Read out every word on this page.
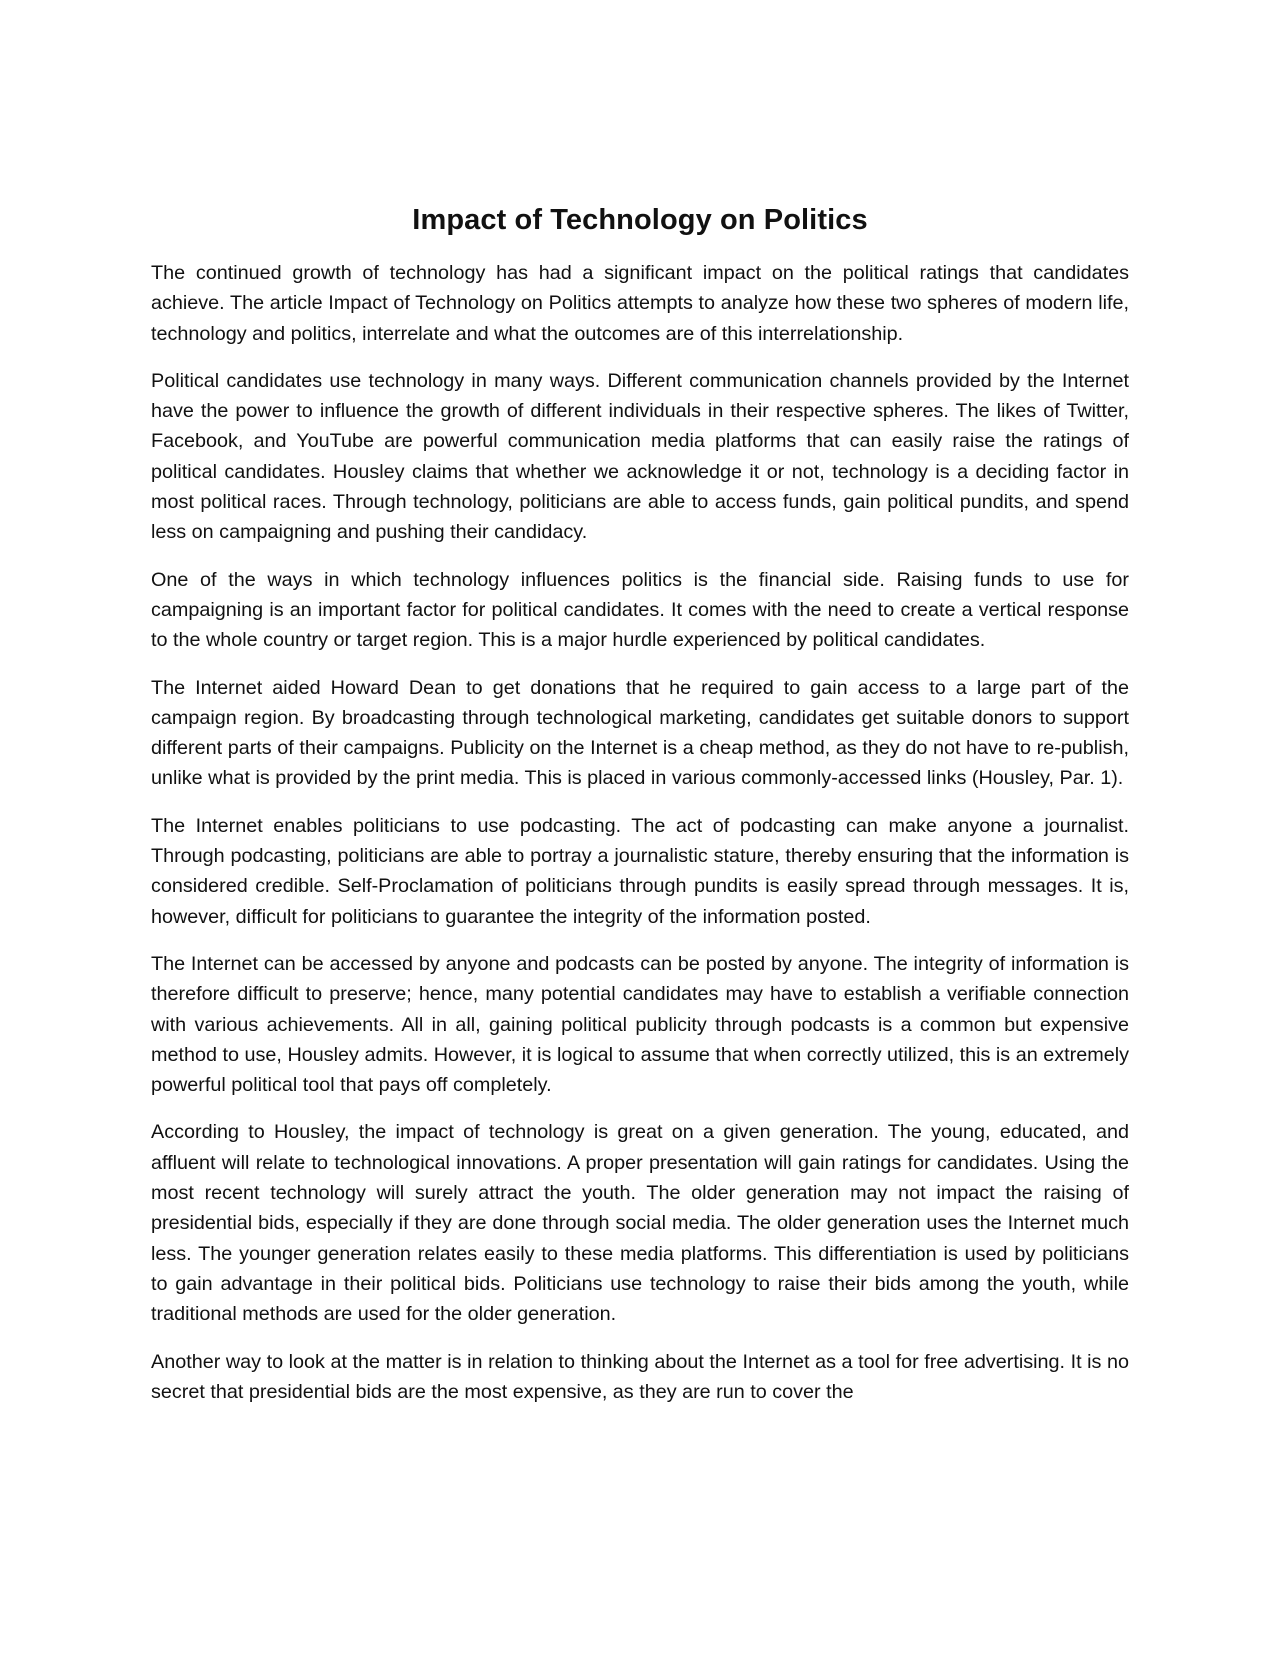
Impact of Technology on Politics

The continued growth of technology has had a significant impact on the political ratings that candidates achieve. The article Impact of Technology on Politics attempts to analyze how these two spheres of modern life, technology and politics, interrelate and what the outcomes are of this interrelationship.

Political candidates use technology in many ways. Different communication channels provided by the Internet have the power to influence the growth of different individuals in their respective spheres. The likes of Twitter, Facebook, and YouTube are powerful communication media platforms that can easily raise the ratings of political candidates. Housley claims that whether we acknowledge it or not, technology is a deciding factor in most political races. Through technology, politicians are able to access funds, gain political pundits, and spend less on campaigning and pushing their candidacy.

One of the ways in which technology influences politics is the financial side. Raising funds to use for campaigning is an important factor for political candidates. It comes with the need to create a vertical response to the whole country or target region. This is a major hurdle experienced by political candidates.

The Internet aided Howard Dean to get donations that he required to gain access to a large part of the campaign region. By broadcasting through technological marketing, candidates get suitable donors to support different parts of their campaigns. Publicity on the Internet is a cheap method, as they do not have to re-publish, unlike what is provided by the print media. This is placed in various commonly-accessed links (Housley, Par. 1).

The Internet enables politicians to use podcasting. The act of podcasting can make anyone a journalist. Through podcasting, politicians are able to portray a journalistic stature, thereby ensuring that the information is considered credible. Self-Proclamation of politicians through pundits is easily spread through messages. It is, however, difficult for politicians to guarantee the integrity of the information posted.

The Internet can be accessed by anyone and podcasts can be posted by anyone. The integrity of information is therefore difficult to preserve; hence, many potential candidates may have to establish a verifiable connection with various achievements. All in all, gaining political publicity through podcasts is a common but expensive method to use, Housley admits. However, it is logical to assume that when correctly utilized, this is an extremely powerful political tool that pays off completely.

According to Housley, the impact of technology is great on a given generation. The young, educated, and affluent will relate to technological innovations. A proper presentation will gain ratings for candidates. Using the most recent technology will surely attract the youth. The older generation may not impact the raising of presidential bids, especially if they are done through social media. The older generation uses the Internet much less. The younger generation relates easily to these media platforms. This differentiation is used by politicians to gain advantage in their political bids. Politicians use technology to raise their bids among the youth, while traditional methods are used for the older generation.

Another way to look at the matter is in relation to thinking about the Internet as a tool for free advertising. It is no secret that presidential bids are the most expensive, as they are run to cover the
